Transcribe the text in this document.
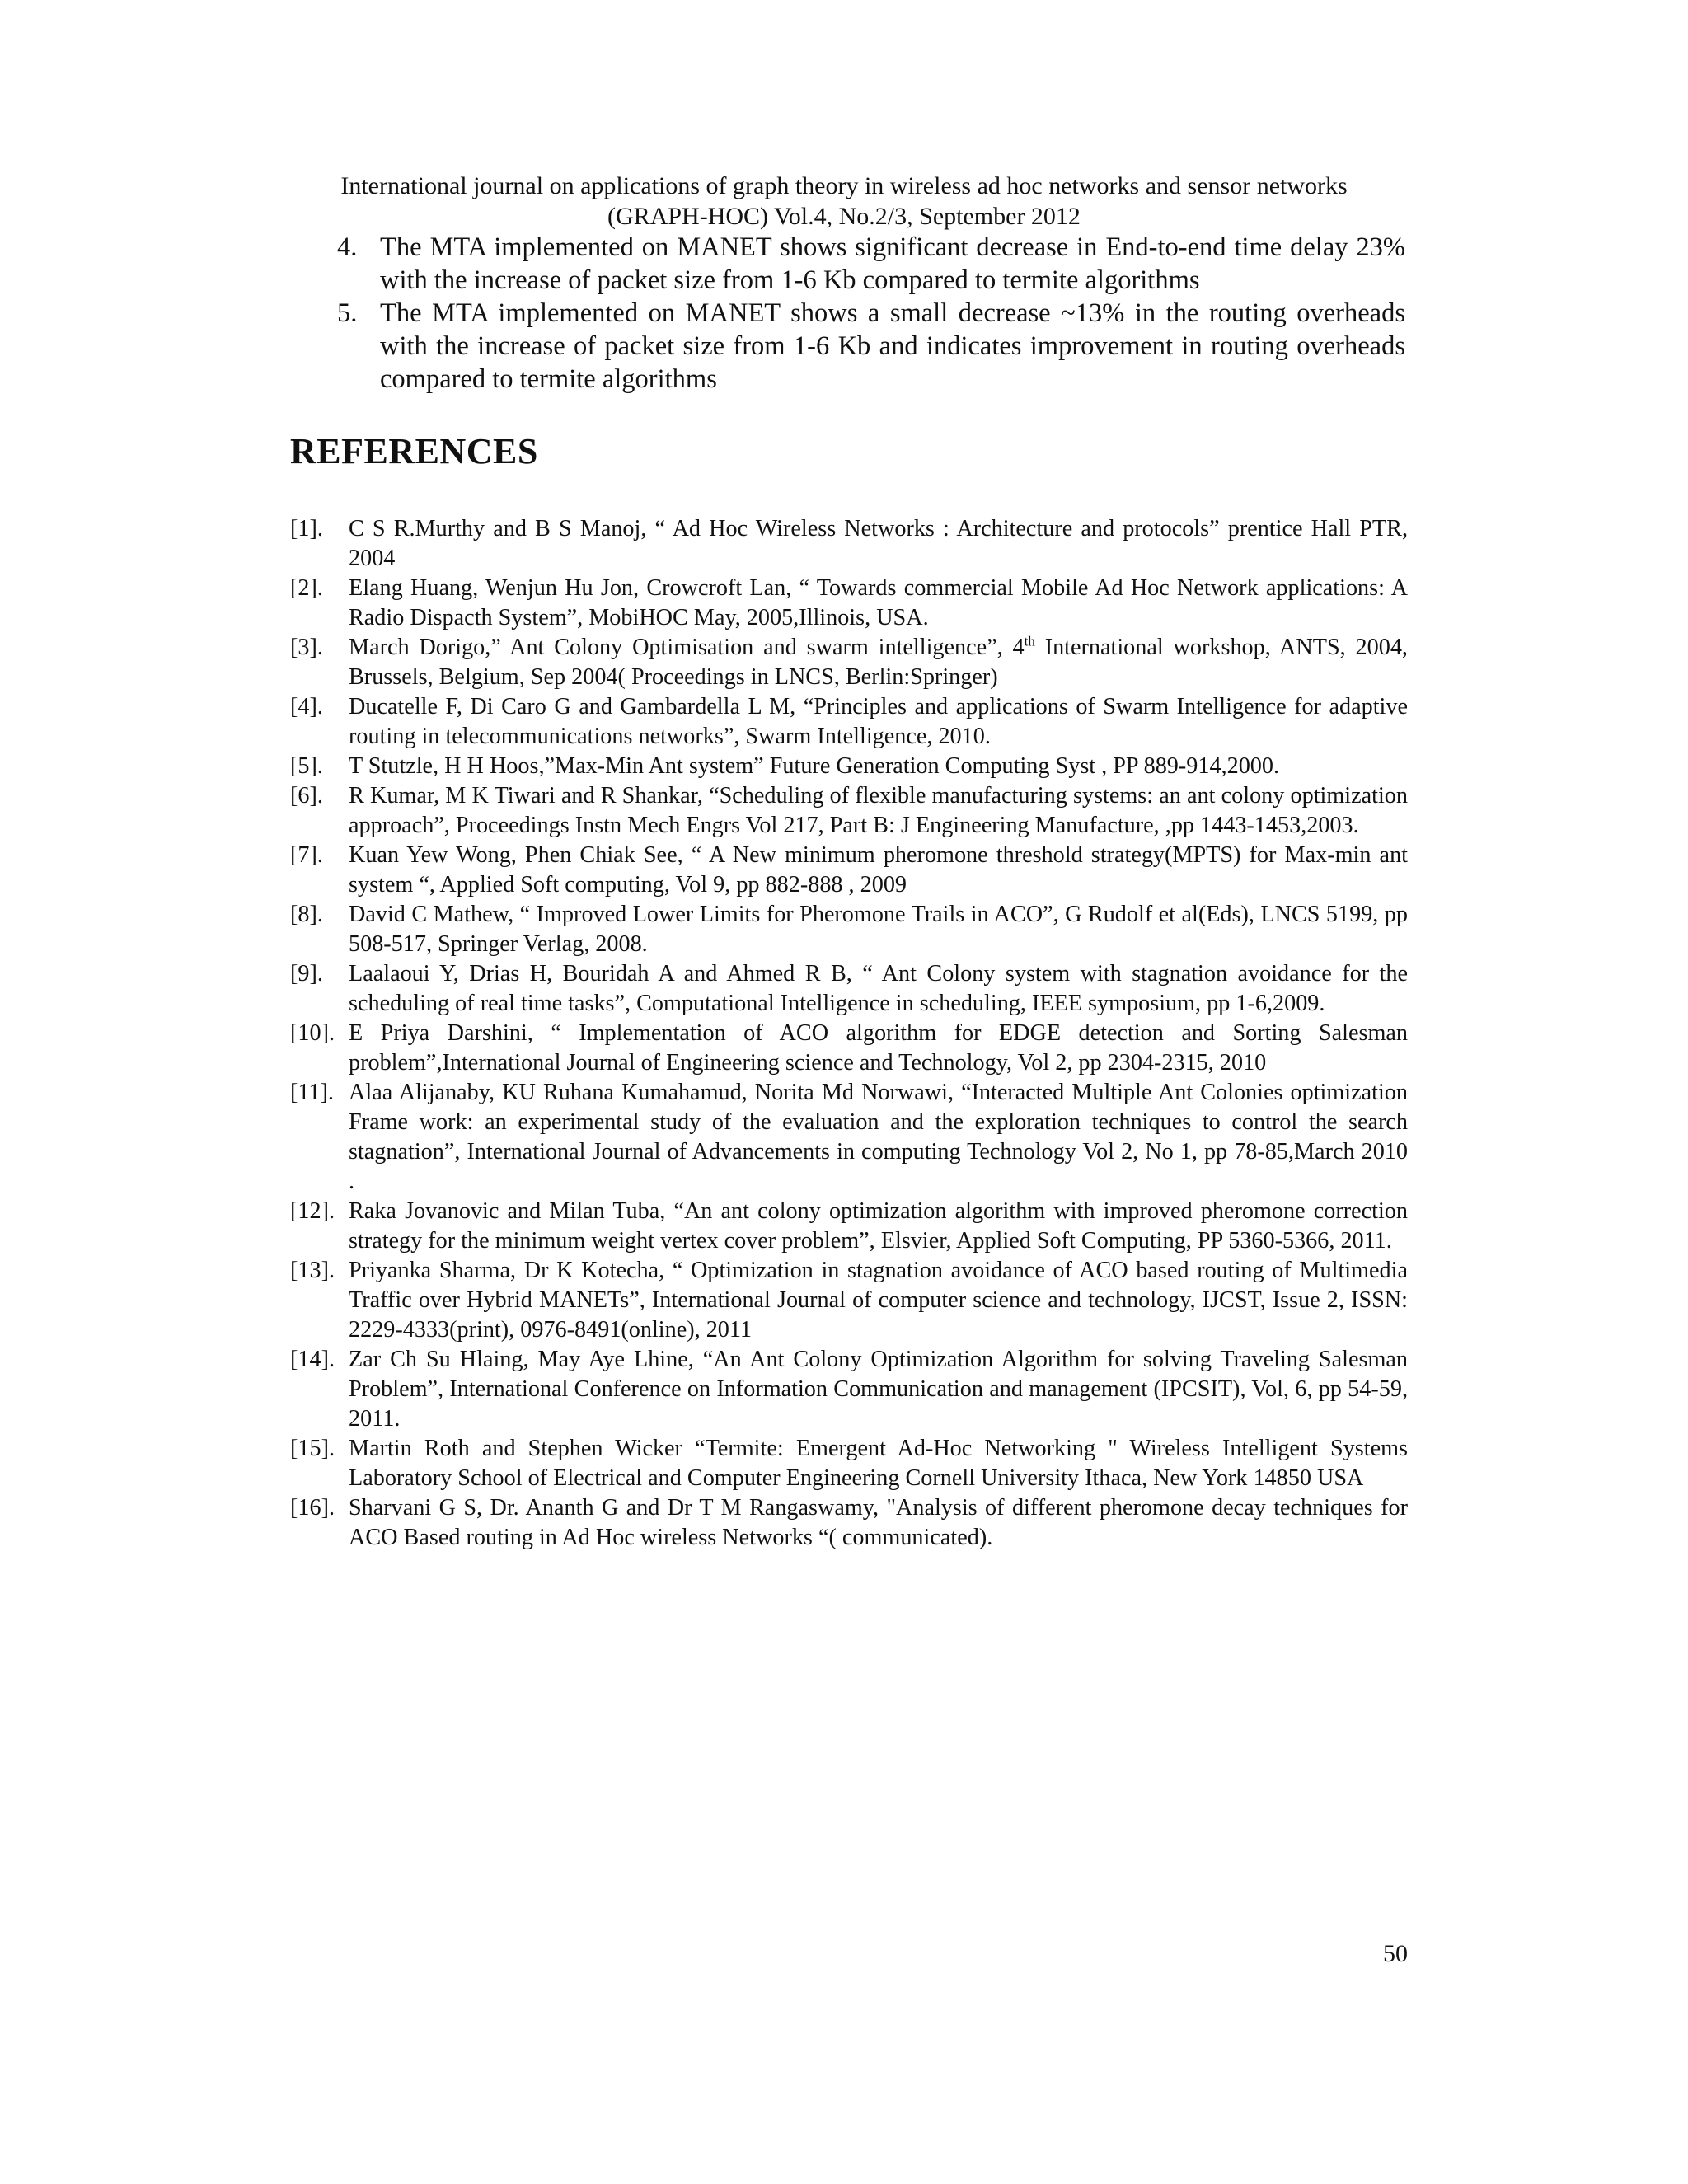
International journal on applications of graph theory in wireless ad hoc networks and sensor networks
(GRAPH-HOC) Vol.4, No.2/3, September 2012
4. The MTA implemented on MANET shows significant decrease in End-to-end time delay 23% with the increase of packet size from 1-6 Kb compared to termite algorithms
5. The MTA implemented on MANET shows a small decrease ~13% in the routing overheads with the increase of packet size from 1-6 Kb and indicates improvement in routing overheads compared to termite algorithms
REFERENCES
[1]. C S R.Murthy and B S Manoj, “ Ad Hoc Wireless Networks : Architecture and protocols” prentice Hall PTR, 2004
[2]. Elang Huang, Wenjun Hu Jon, Crowcroft Lan, “ Towards commercial Mobile Ad Hoc Network applications: A Radio Dispacth System”, MobiHOC May, 2005,Illinois, USA.
[3]. March Dorigo,” Ant Colony Optimisation and swarm intelligence”, 4th International workshop, ANTS, 2004, Brussels, Belgium, Sep 2004( Proceedings in LNCS, Berlin:Springer)
[4]. Ducatelle F, Di Caro G and Gambardella L M, “Principles and applications of Swarm Intelligence for adaptive routing in telecommunications networks”, Swarm Intelligence, 2010.
[5]. T Stutzle, H H Hoos,”Max-Min Ant system” Future Generation Computing Syst , PP 889-914,2000.
[6]. R Kumar, M K Tiwari and R Shankar, “Scheduling of flexible manufacturing systems: an ant colony optimization approach”, Proceedings Instn Mech Engrs Vol 217, Part B: J Engineering Manufacture, ,pp 1443-1453,2003.
[7]. Kuan Yew Wong, Phen Chiak See, “ A New minimum pheromone threshold strategy(MPTS) for Max-min ant system “, Applied Soft computing, Vol 9, pp 882-888 , 2009
[8]. David C Mathew, “ Improved Lower Limits for Pheromone Trails in ACO”, G Rudolf et al(Eds), LNCS 5199, pp 508-517, Springer Verlag, 2008.
[9]. Laalaoui Y, Drias H, Bouridah A and Ahmed R B, “ Ant Colony system with stagnation avoidance for the scheduling of real time tasks”, Computational Intelligence in scheduling, IEEE symposium, pp 1-6,2009.
[10]. E Priya Darshini, “ Implementation of ACO algorithm for EDGE detection and Sorting Salesman problem”,International Journal of Engineering science and Technology, Vol 2, pp 2304-2315, 2010
[11]. Alaa Alijanaby, KU Ruhana Kumahamud, Norita Md Norwawi, “Interacted Multiple Ant Colonies optimization Frame work: an experimental study of the evaluation and the exploration techniques to control the search stagnation”, International Journal of Advancements in computing Technology Vol 2, No 1, pp 78-85,March 2010 .
[12]. Raka Jovanovic and Milan Tuba, “An ant colony optimization algorithm with improved pheromone correction strategy for the minimum weight vertex cover problem”, Elsvier, Applied Soft Computing, PP 5360-5366, 2011.
[13]. Priyanka Sharma, Dr K Kotecha, “ Optimization in stagnation avoidance of ACO based routing of Multimedia Traffic over Hybrid MANETs”, International Journal of computer science and technology, IJCST, Issue 2, ISSN: 2229-4333(print), 0976-8491(online), 2011
[14]. Zar Ch Su Hlaing, May Aye Lhine, “An Ant Colony Optimization Algorithm for solving Traveling Salesman Problem”, International Conference on Information Communication and management (IPCSIT), Vol, 6, pp 54-59, 2011.
[15]. Martin Roth and Stephen Wicker “Termite: Emergent Ad-Hoc Networking " Wireless Intelligent Systems Laboratory School of Electrical and Computer Engineering Cornell University Ithaca, New York 14850 USA
[16]. Sharvani G S, Dr. Ananth G and Dr T M Rangaswamy, "Analysis of different pheromone decay techniques for ACO Based routing in Ad Hoc wireless Networks “( communicated).
50
